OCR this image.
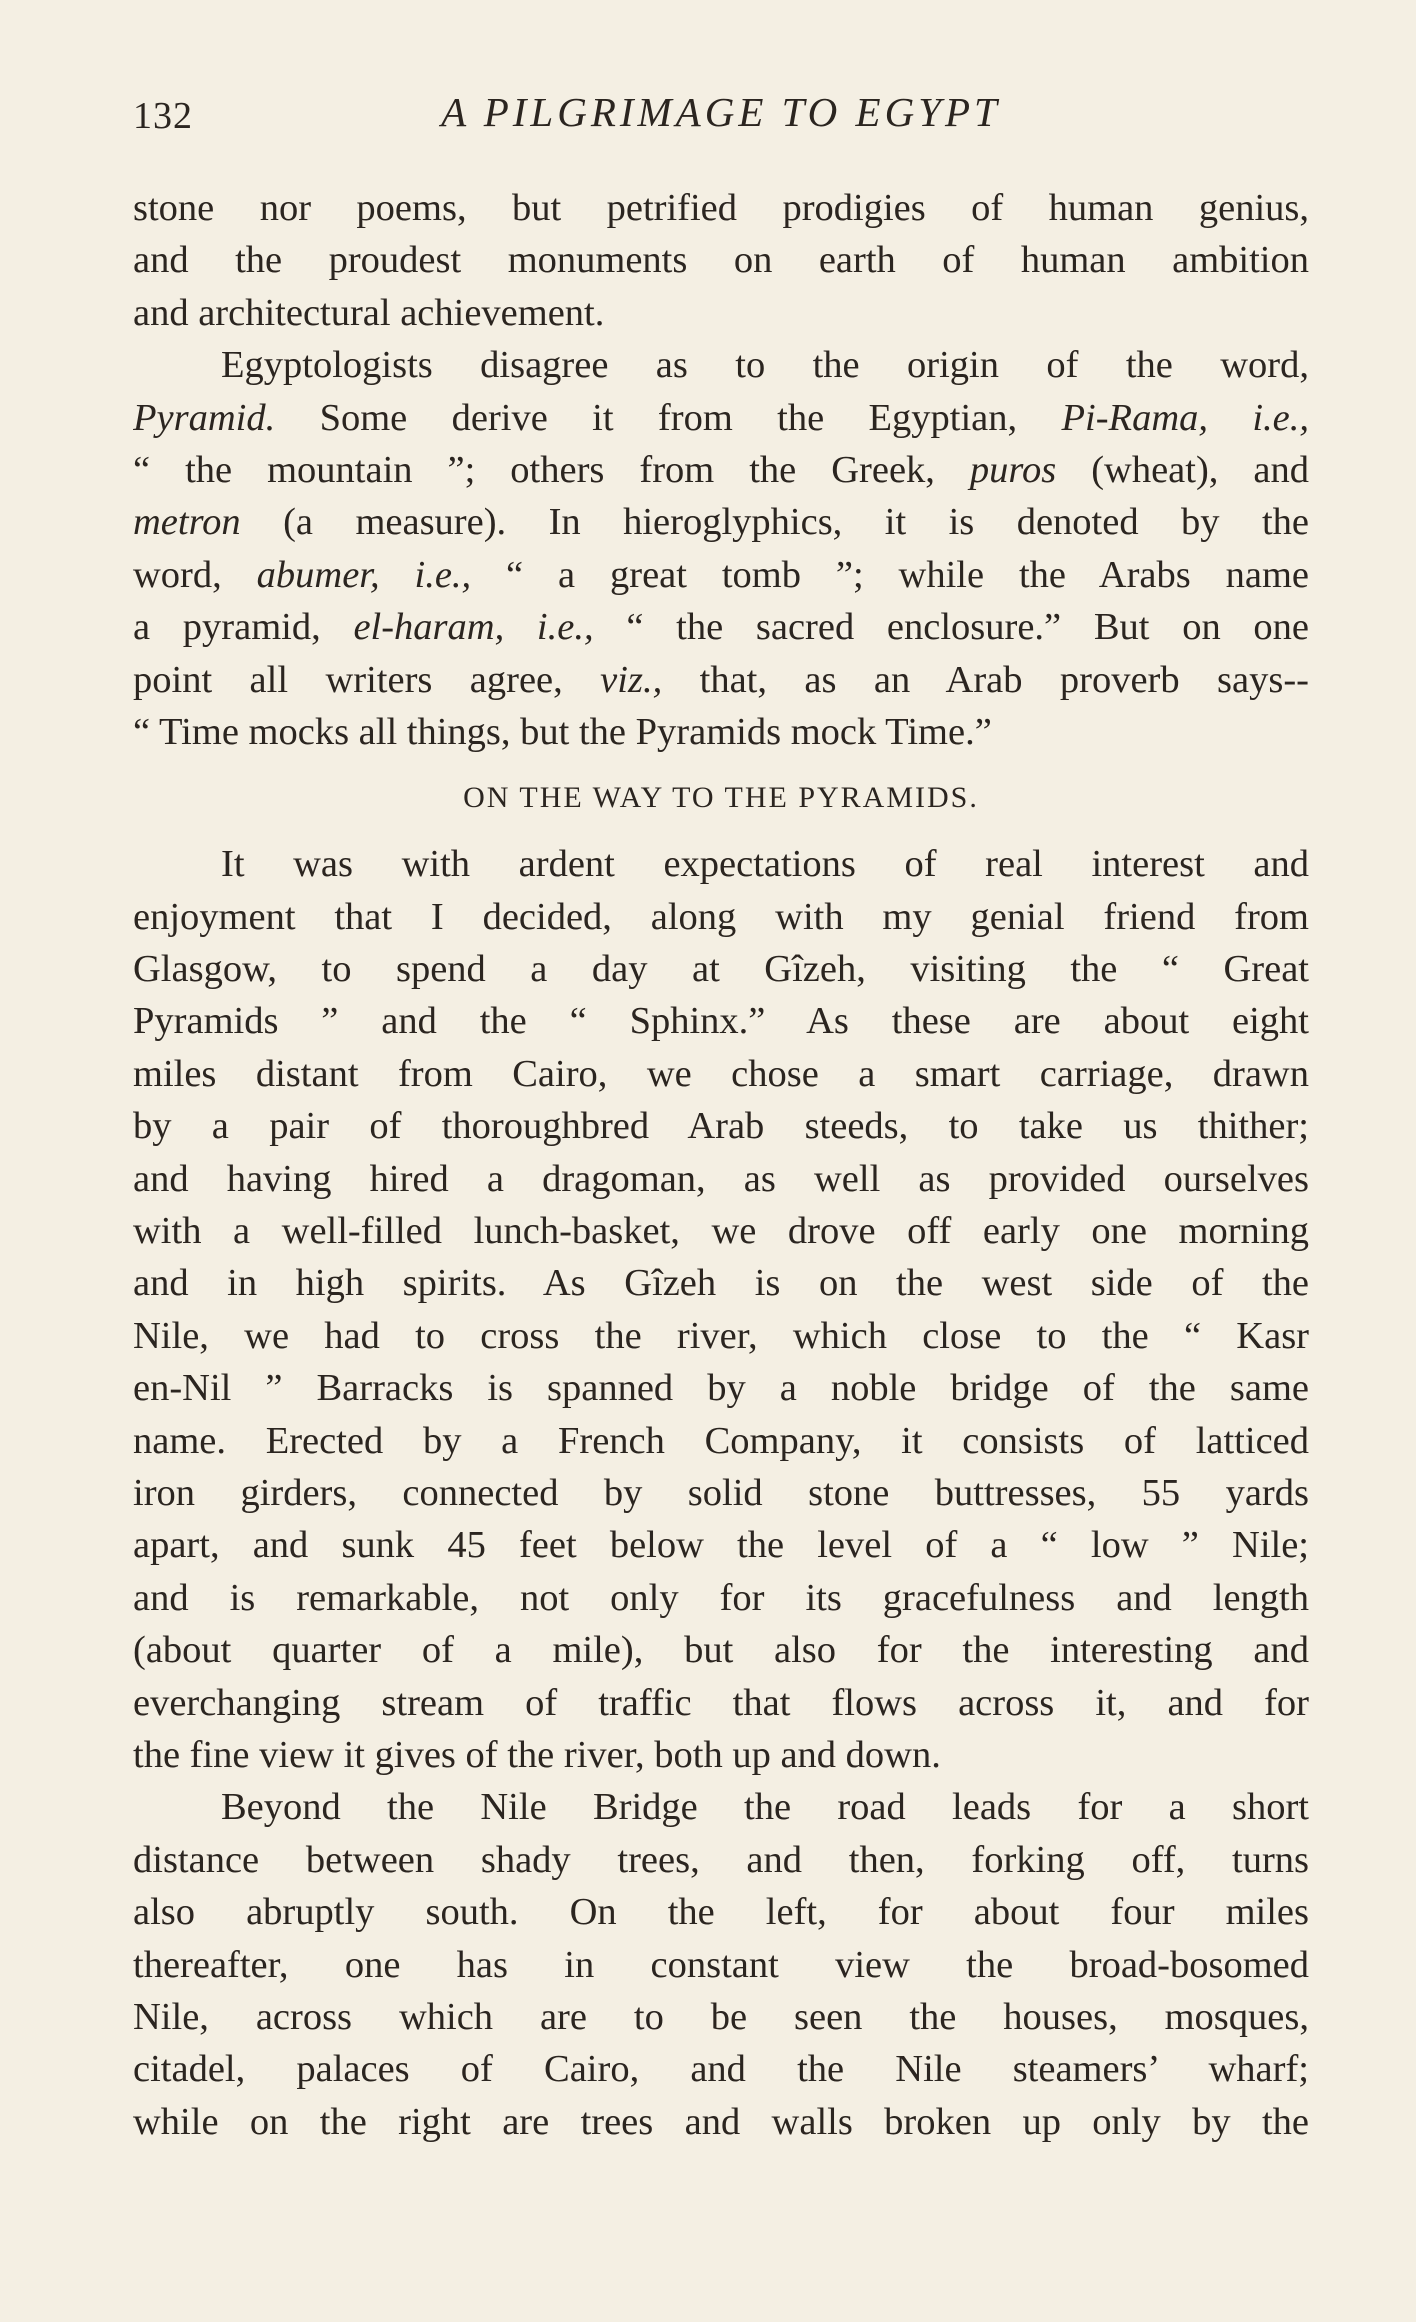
132	A PILGRIMAGE TO EGYPT
stone nor poems, but petrified prodigies of human genius,
and the proudest monuments on earth of human ambition
and architectural achievement.
Egyptologists disagree as to the origin of the word,
Pyramid. Some derive it from the Egyptian, Pi-Rama, i.e.,
“ the mountain ”; others from the Greek, puros (wheat), and
metron (a measure). In hieroglyphics, it is denoted by the
word, abumer, i.e., “ a great tomb ”; while the Arabs name
a pyramid, el-haram, i.e., “ the sacred enclosure.” But on one
point all writers agree, viz., that, as an Arab proverb says--
“ Time mocks all things, but the Pyramids mock Time.”
ON THE WAY TO THE PYRAMIDS.
It was with ardent expectations of real interest and
enjoyment that I decided, along with my genial friend from
Glasgow, to spend a day at Gîzeh, visiting the “ Great
Pyramids ” and the “ Sphinx.” As these are about eight
miles distant from Cairo, we chose a smart carriage, drawn
by a pair of thoroughbred Arab steeds, to take us thither;
and having hired a dragoman, as well as provided ourselves
with a well-filled lunch-basket, we drove off early one morning
and in high spirits. As Gîzeh is on the west side of the
Nile, we had to cross the river, which close to the “ Kasr
en-Nil ” Barracks is spanned by a noble bridge of the same
name. Erected by a French Company, it consists of latticed
iron girders, connected by solid stone buttresses, 55 yards
apart, and sunk 45 feet below the level of a “ low ” Nile;
and is remarkable, not only for its gracefulness and length
(about quarter of a mile), but also for the interesting and
everchanging stream of traffic that flows across it, and for
the fine view it gives of the river, both up and down.
Beyond the Nile Bridge the road leads for a short
distance between shady trees, and then, forking off, turns
also abruptly south. On the left, for about four miles
thereafter, one has in constant view the broad-bosomed
Nile, across which are to be seen the houses, mosques,
citadel, palaces of Cairo, and the Nile steamers’ wharf;
while on the right are trees and walls broken up only by the
